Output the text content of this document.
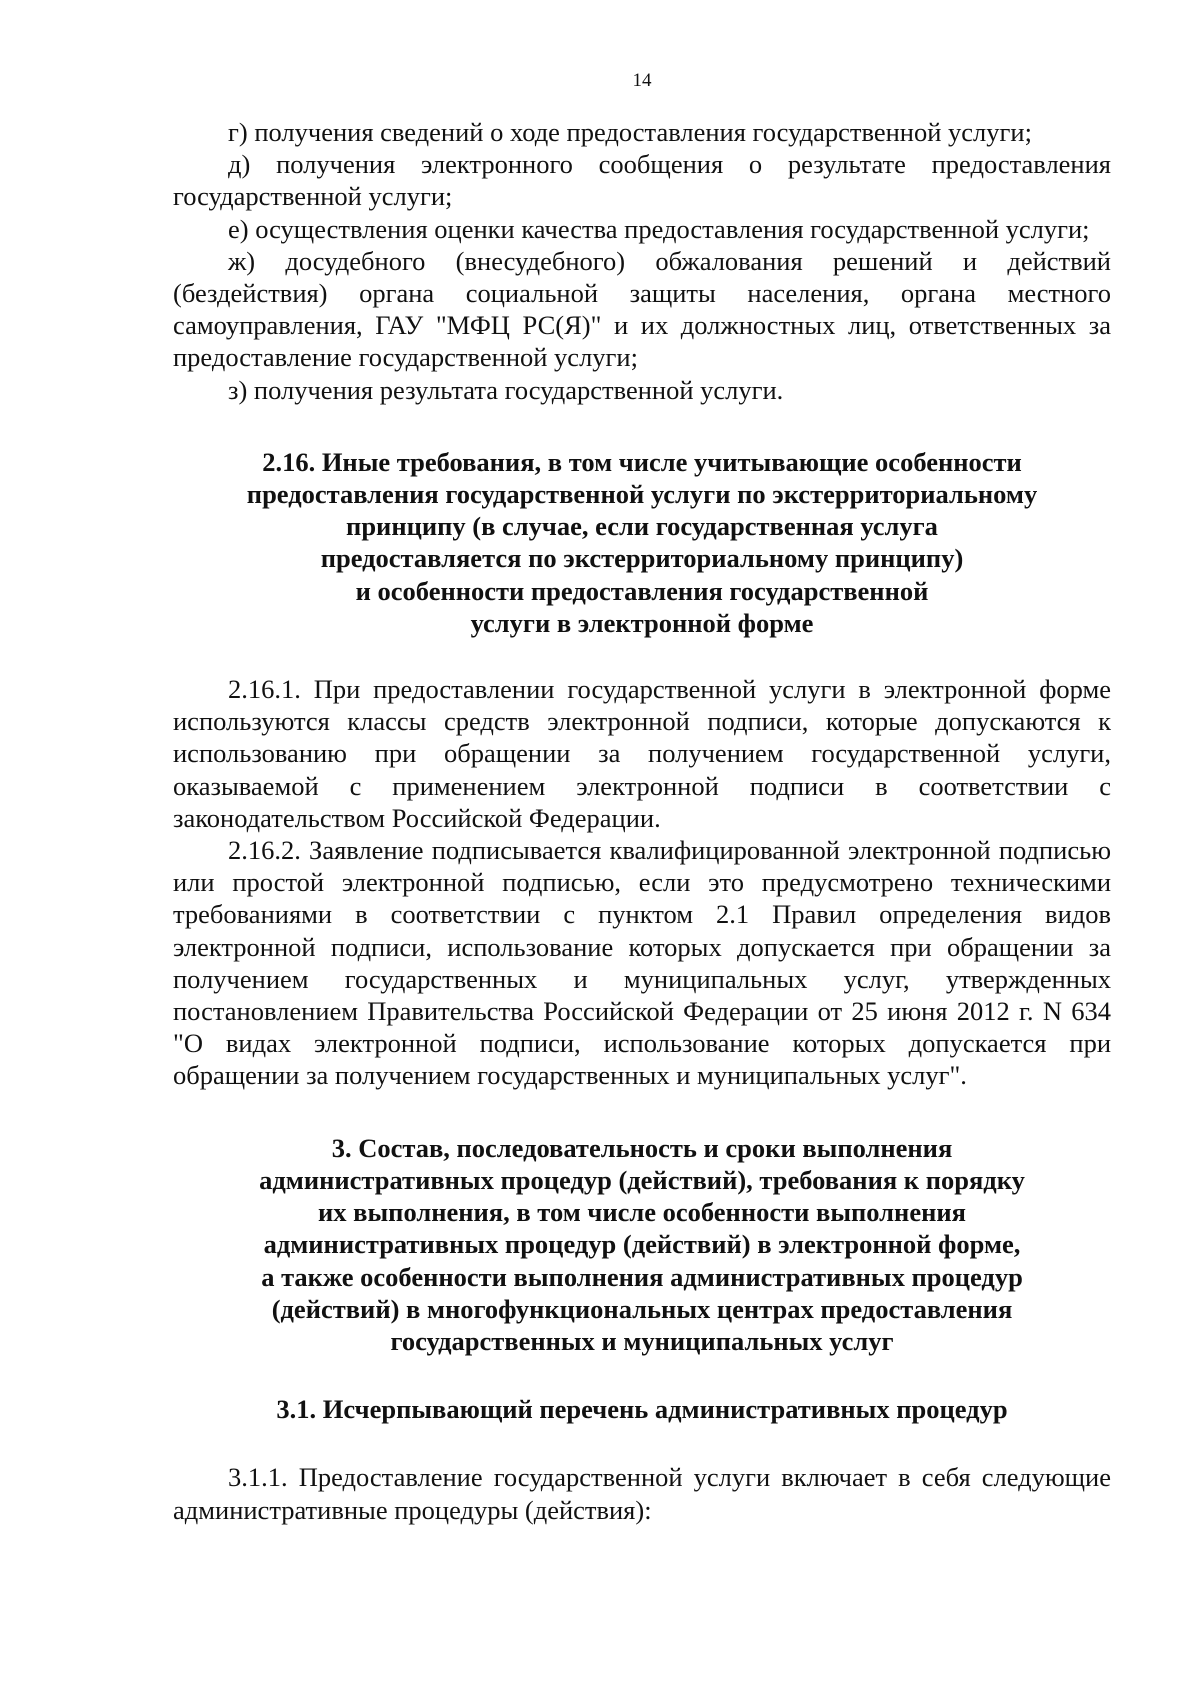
14

г) получения сведений о ходе предоставления государственной услуги;

д) получения электронного сообщения о результате предоставления государственной услуги;

е) осуществления оценки качества предоставления государственной услуги;

ж) досудебного (внесудебного) обжалования решений и действий (бездействия) органа социальной защиты населения, органа местного самоуправления, ГАУ "МФЦ РС(Я)" и их должностных лиц, ответственных за предоставление государственной услуги;

з) получения результата государственной услуги.

2.16. Иные требования, в том числе учитывающие особенности
предоставления государственной услуги по экстерриториальному
принципу (в случае, если государственная услуга
предоставляется по экстерриториальному принципу)
и особенности предоставления государственной
услуги в электронной форме

2.16.1. При предоставлении государственной услуги в электронной форме используются классы средств электронной подписи, которые допускаются к использованию при обращении за получением государственной услуги, оказываемой с применением электронной подписи в соответствии с законодательством Российской Федерации.

2.16.2. Заявление подписывается квалифицированной электронной подписью или простой электронной подписью, если это предусмотрено техническими требованиями в соответствии с пунктом 2.1 Правил определения видов электронной подписи, использование которых допускается при обращении за получением государственных и муниципальных услуг, утвержденных постановлением Правительства Российской Федерации от 25 июня 2012 г. N 634 "О видах электронной подписи, использование которых допускается при обращении за получением государственных и муниципальных услуг".

3. Состав, последовательность и сроки выполнения
административных процедур (действий), требования к порядку
их выполнения, в том числе особенности выполнения
административных процедур (действий) в электронной форме,
а также особенности выполнения административных процедур
(действий) в многофункциональных центрах предоставления
государственных и муниципальных услуг
3.1. Исчерпывающий перечень административных процедур

3.1.1. Предоставление государственной услуги включает в себя следующие административные процедуры (действия):
